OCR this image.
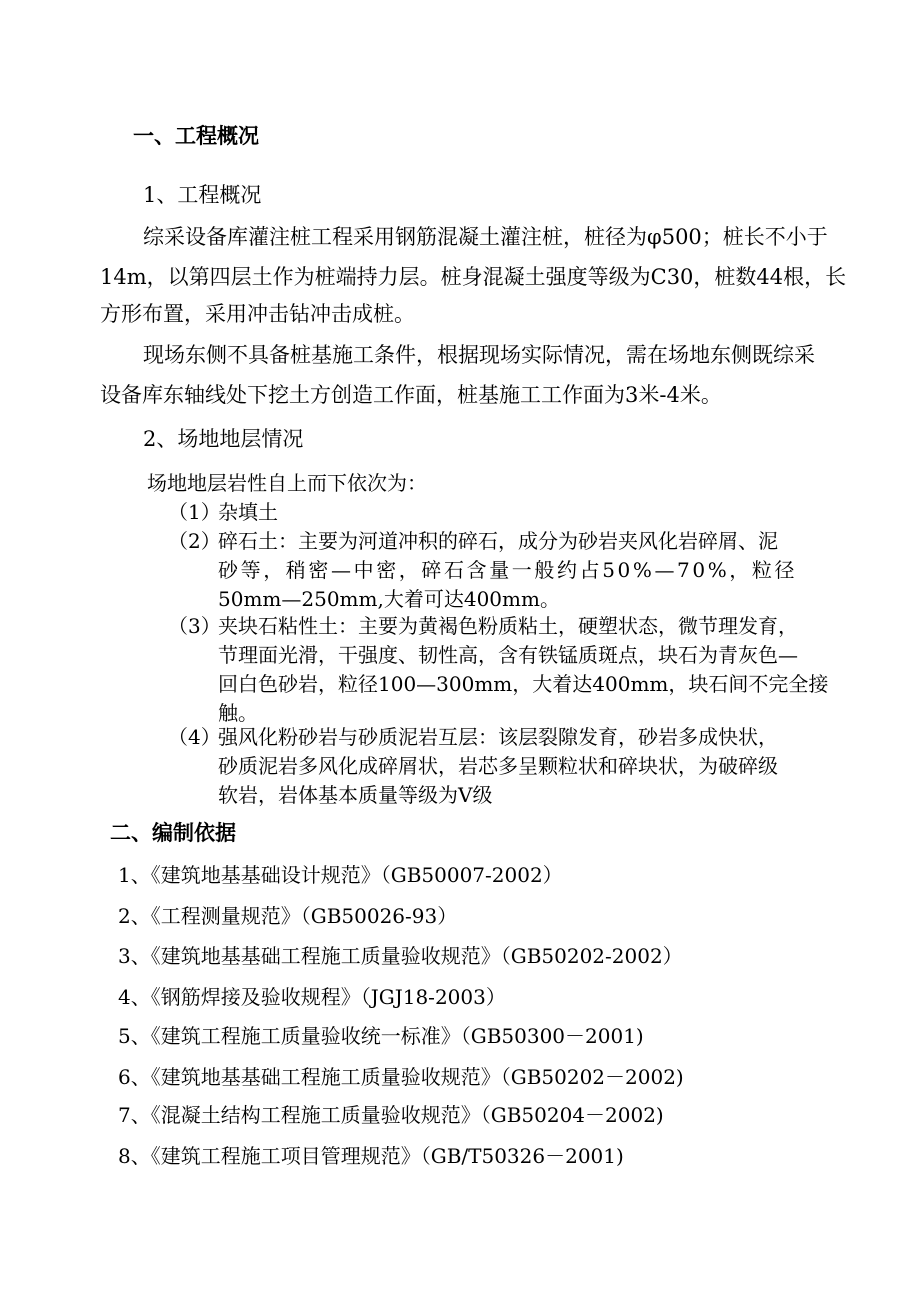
一、工程概况
1、工程概况
综采设备库灌注桩工程采用钢筋混凝土灌注桩，桩径为φ500；桩长不小于
14m，以第四层土作为桩端持力层。桩身混凝土强度等级为C30，桩数44根，长
方形布置，采用冲击钻冲击成桩。
现场东侧不具备桩基施工条件，根据现场实际情况，需在场地东侧既综采
设备库东轴线处下挖土方创造工作面，桩基施工工作面为3米-4米。
2、场地地层情况
场地地层岩性自上而下依次为：
（1）
杂填土
（2）
碎石土：主要为河道冲积的碎石，成分为砂岩夹风化岩碎屑、泥
砂等，稍密—中密，碎石含量一般约占50%—70%，粒径
50mm—250mm,大着可达400mm。
（3）
夹块石粘性土：主要为黄褐色粉质粘土，硬塑状态，微节理发育，
节理面光滑，干强度、韧性高，含有铁锰质斑点，块石为青灰色—
回白色砂岩，粒径100—300mm，大着达400mm，块石间不完全接
触。
（4）
强风化粉砂岩与砂质泥岩互层：该层裂隙发育，砂岩多成快状，
砂质泥岩多风化成碎屑状，岩芯多呈颗粒状和碎块状，为破碎级
软岩，岩体基本质量等级为Ⅴ级
二、编制依据
1、《建筑地基基础设计规范》（GB50007-2002）
2、《工程测量规范》（GB50026-93）
3、《建筑地基基础工程施工质量验收规范》（GB50202-2002）
4、《钢筋焊接及验收规程》（JGJ18-2003）
5、《建筑工程施工质量验收统一标准》（GB50300－2001)
6、《建筑地基基础工程施工质量验收规范》（GB50202－2002)
7、《混凝土结构工程施工质量验收规范》（GB50204－2002)
8、《建筑工程施工项目管理规范》（GB/T50326－2001)
